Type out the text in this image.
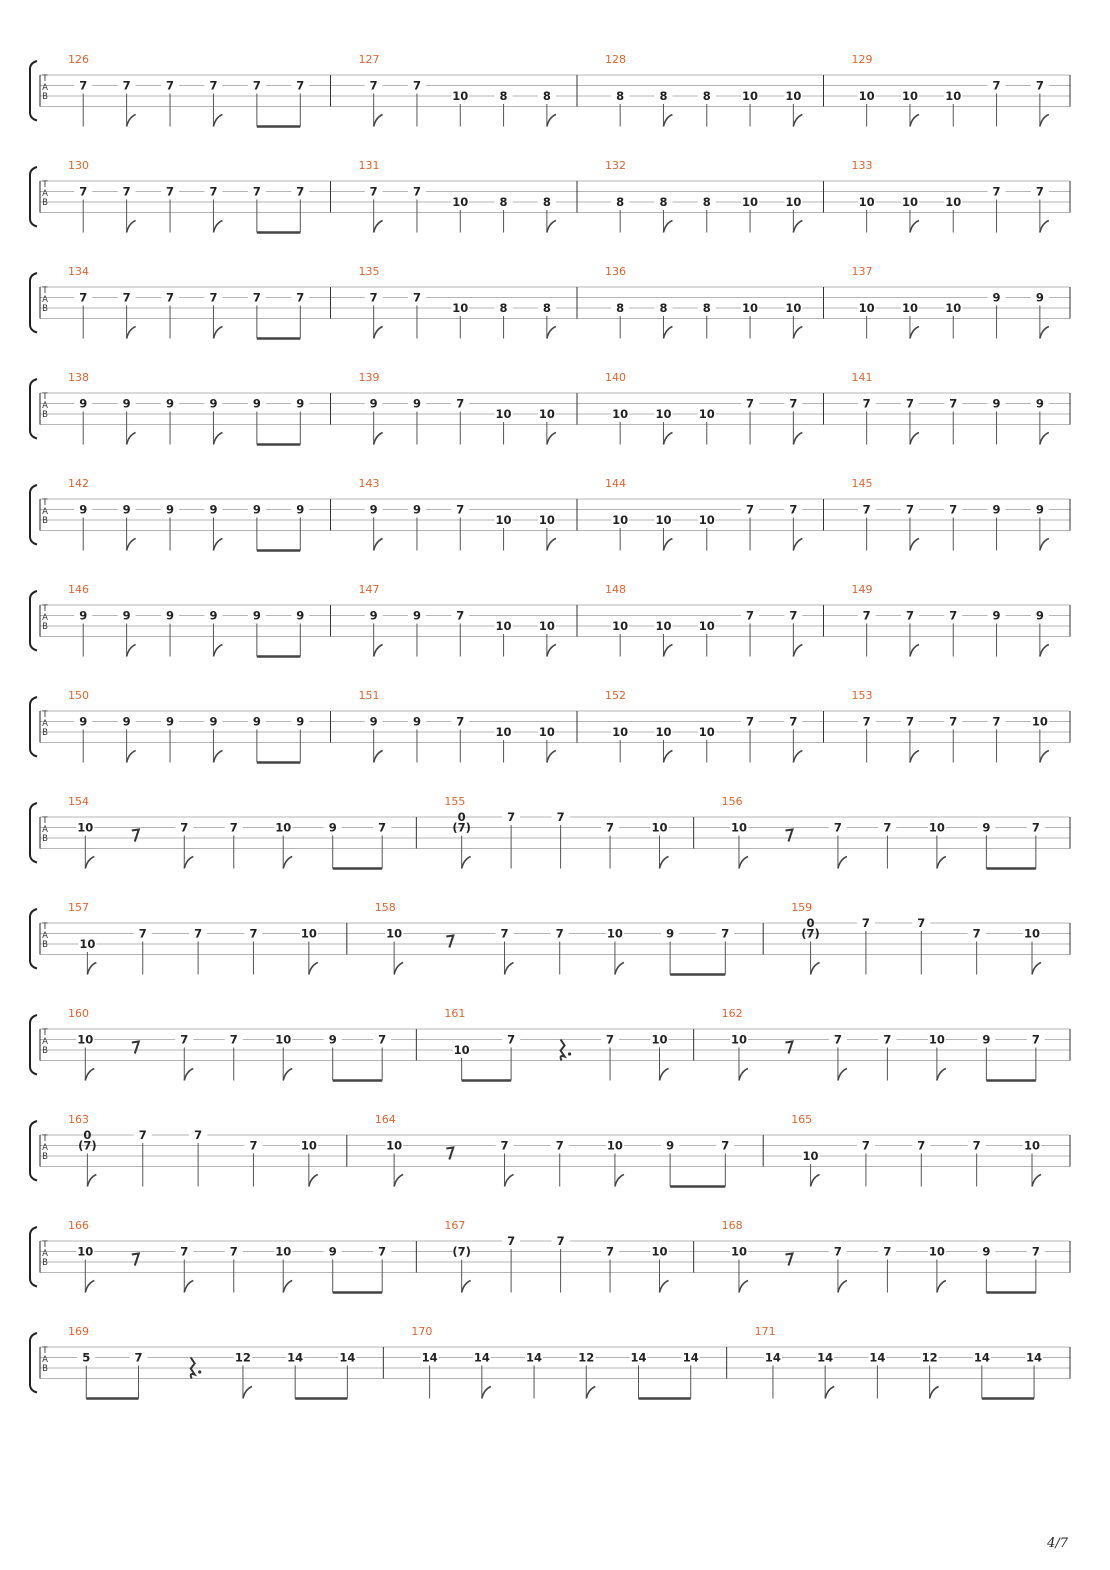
T
A
B
126
7	7	7	7	7	7
127
7	7
10	8	8
128
8	8	8	10 10
129
10 10 10
7	7
T
A
B
130
7	7	7	7	7	7
131
7	7
10	8	8
132
8	8	8	10 10
133
10 10 10
7	7
T
A
B
134
7	7	7	7	7	7
135
7	7
10	8	8
136
8	8	8	10 10
137
10 10 10
9	9
T
A
B
138
9	9	9	9	9	9
139
9	9	7
10 10
140
10 10 10
7	7
141
7	7	7	9	9
T
A
B
142
9	9	9	9	9	9
143
9	9	7
10 10
144
10 10 10
7	7
145
7	7	7	9	9
T
A
B
146
9	9	9	9	9	9
147
9	9	7
10 10
148
10 10 10
7	7
149
7	7	7	9	9
T
A
B
150
9	9	9	9	9	9
151
9	9	7
10 10
152
10 10 10
7	7
153
7	7	7	7	10
T
A
B
154
10	7	7	10	9	7
155
0
(7)
7	7
7	10
156
10	7	7	10	9	7
T
A
B
157
10
7	7	7	10
158
10	7	7	10	9	7
159
0
(7)
7	7
7	10
T
A
B
160
10	7	7	10	9	7
161
10
7	7	10
162
10	7	7	10	9	7
T
A
B
163
0
(7)
7	7
7	10
164
10	7	7	10	9	7
165
10
7	7	7	10
T
A
B
166
10	7	7	10	9	7
167
(7)
7	7
7	10
168
10	7	7	10	9	7
T
A
B
169
5	7	12	14	14
170
14	14	14	12	14	14
171
14	14	14	12	14	14
4/7
